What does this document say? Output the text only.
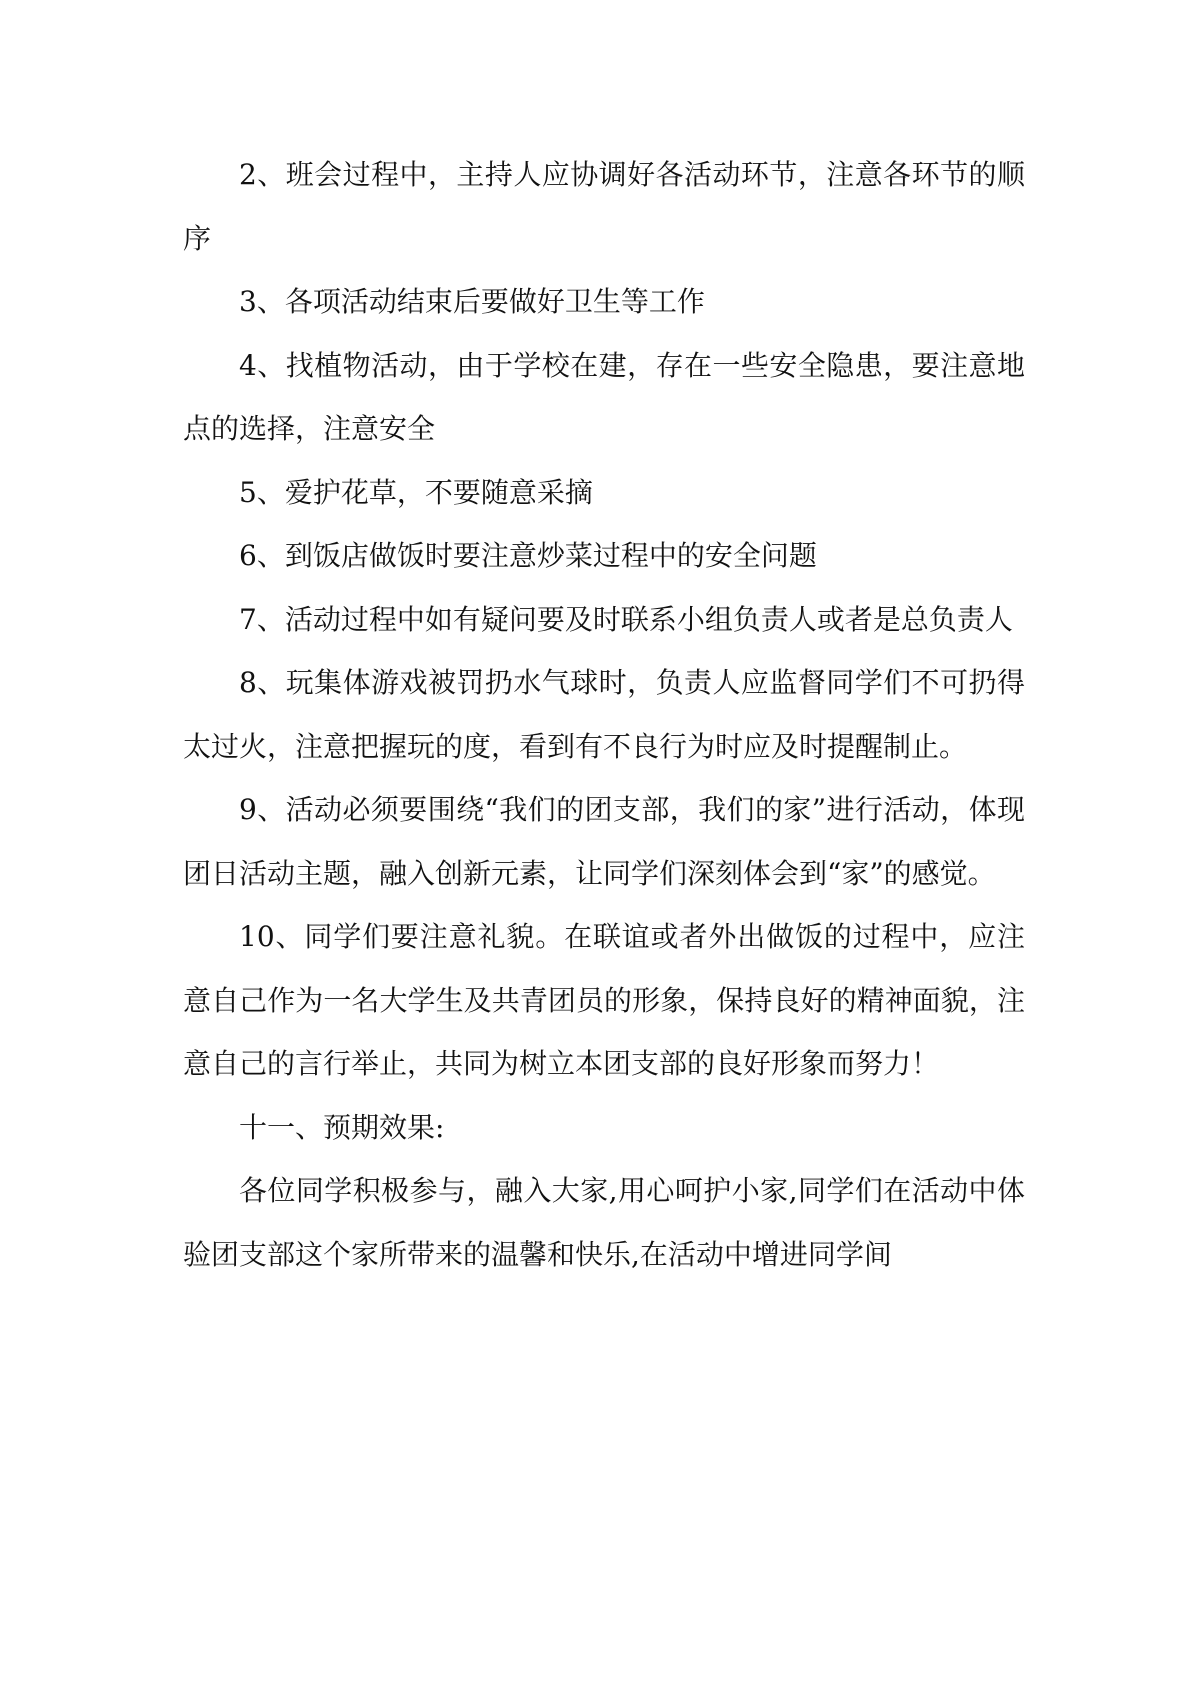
2、班会过程中，主持人应协调好各活动环节，注意各环节的顺序

3、各项活动结束后要做好卫生等工作

4、找植物活动，由于学校在建，存在一些安全隐患，要注意地点的选择，注意安全

5、爱护花草，不要随意采摘

6、到饭店做饭时要注意炒菜过程中的安全问题

7、活动过程中如有疑问要及时联系小组负责人或者是总负责人

8、玩集体游戏被罚扔水气球时，负责人应监督同学们不可扔得太过火，注意把握玩的度，看到有不良行为时应及时提醒制止。

9、活动必须要围绕“我们的团支部，我们的家”进行活动，体现团日活动主题，融入创新元素，让同学们深刻体会到“家”的感觉。

10、同学们要注意礼貌。在联谊或者外出做饭的过程中，应注意自己作为一名大学生及共青团员的形象，保持良好的精神面貌，注意自己的言行举止，共同为树立本团支部的良好形象而努力！

十一、预期效果:

各位同学积极参与，融入大家,用心呵护小家,同学们在活动中体验团支部这个家所带来的温馨和快乐,在活动中增进同学间
